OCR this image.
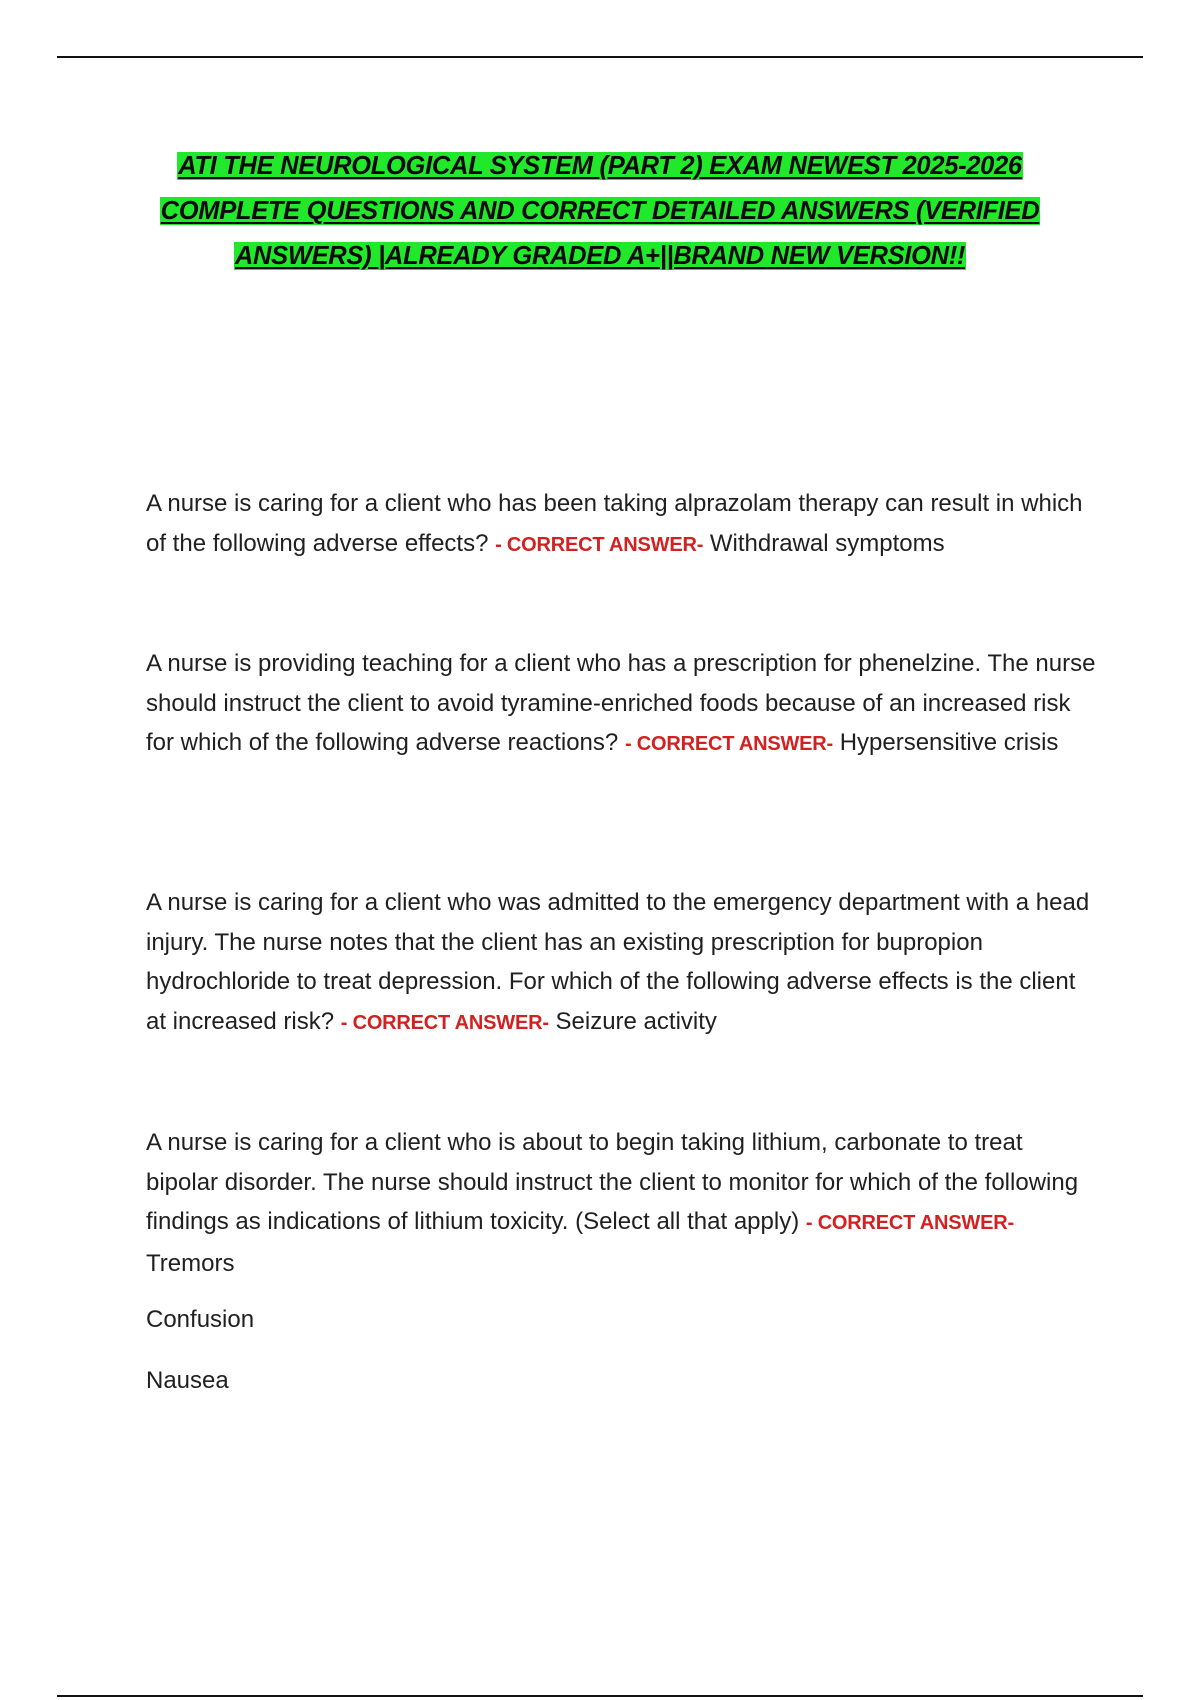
ATI THE NEUROLOGICAL SYSTEM (PART 2) EXAM NEWEST 2025-2026
COMPLETE QUESTIONS AND CORRECT DETAILED ANSWERS (VERIFIED
ANSWERS) |ALREADY GRADED A+||BRAND NEW VERSION!!

A nurse is caring for a client who has been taking alprazolam therapy can result in which of the following adverse effects? - CORRECT ANSWER- Withdrawal symptoms

A nurse is providing teaching for a client who has a prescription for phenelzine. The nurse should instruct the client to avoid tyramine-enriched foods because of an increased risk for which of the following adverse reactions? - CORRECT ANSWER- Hypersensitive crisis

A nurse is caring for a client who was admitted to the emergency department with a head injury. The nurse notes that the client has an existing prescription for bupropion hydrochloride to treat depression. For which of the following adverse effects is the client at increased risk? - CORRECT ANSWER- Seizure activity

A nurse is caring for a client who is about to begin taking lithium, carbonate to treat bipolar disorder. The nurse should instruct the client to monitor for which of the following findings as indications of lithium toxicity. (Select all that apply) - CORRECT ANSWER- Tremors

Confusion
Nausea
